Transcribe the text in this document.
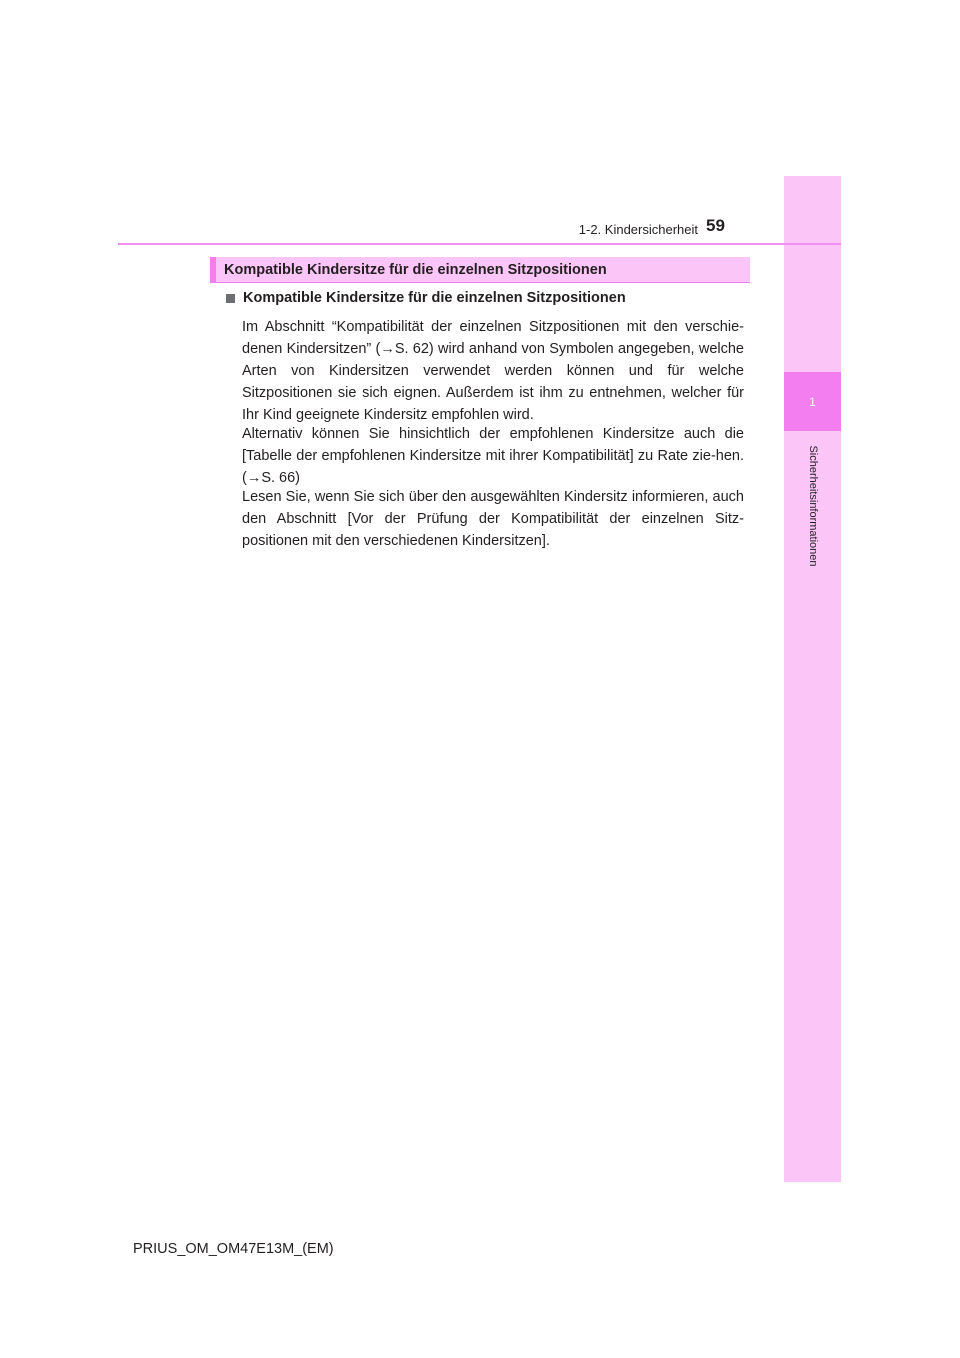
1
Sicherheitsinformationen
1-2. Kindersicherheit 59
Kompatible Kindersitze für die einzelnen Sitzpositionen
Kompatible Kindersitze für die einzelnen Sitzpositionen

Im Abschnitt “Kompatibilität der einzelnen Sitzpositionen mit den verschie-denen Kindersitzen” (→S. 62) wird anhand von Symbolen angegeben, welche Arten von Kindersitzen verwendet werden können und für welche Sitzpositionen sie sich eignen. Außerdem ist ihm zu entnehmen, welcher für Ihr Kind geeignete Kindersitz empfohlen wird.

Alternativ können Sie hinsichtlich der empfohlenen Kindersitze auch die [Tabelle der empfohlenen Kindersitze mit ihrer Kompatibilität] zu Rate zie-hen. (→S. 66)

Lesen Sie, wenn Sie sich über den ausgewählten Kindersitz informieren, auch den Abschnitt [Vor der Prüfung der Kompatibilität der einzelnen Sitz-positionen mit den verschiedenen Kindersitzen].

PRIUS_OM_OM47E13M_(EM)
